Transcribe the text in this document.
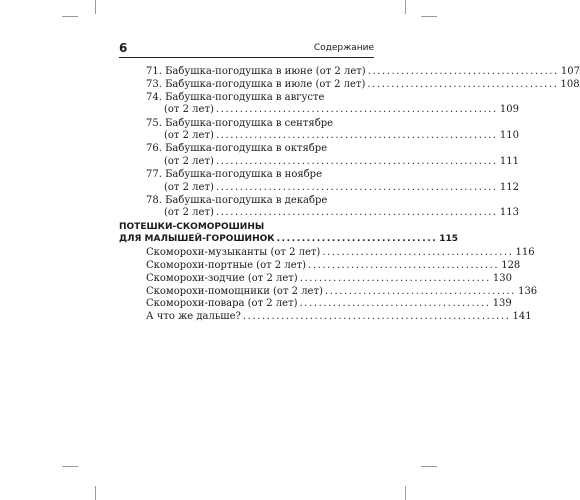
6	Содержание
71. Бабушка-погодушка в июне (от 2 лет) ........................................ 107
73. Бабушка-погодушка в июле (от 2 лет) ........................................ 108
74. Бабушка-погодушка в августе
(от 2 лет) ........................................................... 109
75. Бабушка-погодушка в сентябре
(от 2 лет) ........................................................... 110
76. Бабушка-погодушка в октябре
(от 2 лет) ........................................................... 111
77. Бабушка-погодушка в ноябре
(от 2 лет) ........................................................... 112
78. Бабушка-погодушка в декабре
(от 2 лет) ........................................................... 113
ПОТЕШКИ-СКОМОРОШИНЫ
ДЛЯ МАЛЫШЕЙ-ГОРОШИНОК ................................ 115
Скоморохи-музыканты (от 2 лет) ........................................ 116
Скоморохи-портные (от 2 лет) ........................................ 128
Скоморохи-зодчие (от 2 лет) ........................................ 130
Скоморохи-помощники (от 2 лет) ........................................ 136
Скоморохи-повара (от 2 лет) ........................................ 139
А что же дальше? ........................................................ 141
